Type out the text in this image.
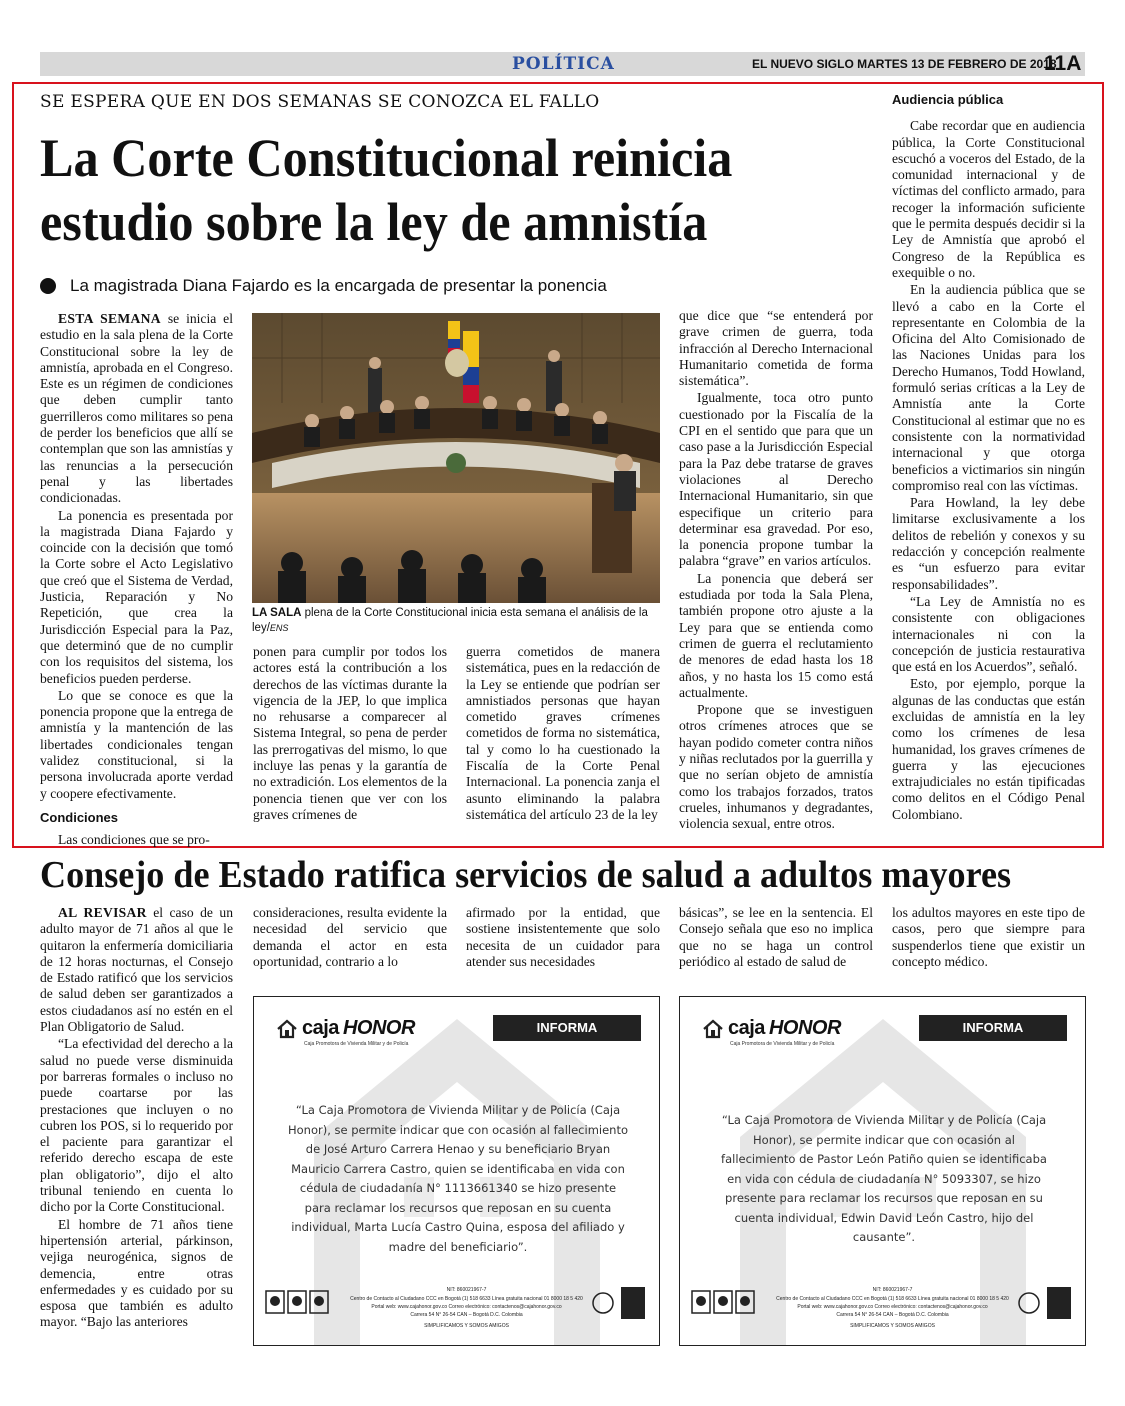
POLÍTICA	EL NUEVO SIGLO MARTES 13 DE FEBRERO DE 2018
11A
SE ESPERA QUE EN DOS SEMANAS SE CONOZCA EL FALLO
La Corte Constitucional reinicia
estudio sobre la ley de amnistía
La magistrada Diana Fajardo es la encargada de presentar la ponencia

ESTA SEMANA se inicia el estudio en la sala plena de la Corte Constitucional sobre la ley de amnistía, aprobada en el Congreso. Este es un régimen de condiciones que deben cumplir tanto guerrilleros como militares so pena de perder los beneficios que allí se contemplan que son las amnistías y las renuncias a la persecución penal y las libertades condicionadas.

La ponencia es presentada por la magistrada Diana Fajardo y coincide con la decisión que tomó la Corte sobre el Acto Legislativo que creó que el Sistema de Verdad, Justicia, Reparación y No Repetición, que crea la Jurisdicción Especial para la Paz, que determinó que de no cumplir con los requisitos del sistema, los beneficios pueden perderse.

Lo que se conoce es que la ponencia propone que la entrega de amnistía y la mantención de las libertades condicionales tengan validez constitucional, si la persona involucrada aporte verdad y coopere efectivamente.

Condiciones

Las condiciones que se pro-

LA SALA plena de la Corte Constitucional inicia esta semana el análisis de la ley/ENS

ponen para cumplir por todos los actores está la contribución a los derechos de las víctimas durante la vigencia de la JEP, lo que implica no rehusarse a comparecer al Sistema Integral, so pena de perder las prerrogativas del mismo, lo que incluye las penas y la garantía de no extradición. Los elementos de la ponencia tienen que ver con los graves crímenes de

guerra cometidos de manera sistemática, pues en la redacción de la Ley se entiende que podrían ser amnistiados personas que hayan cometido graves crímenes cometidos de forma no sistemática, tal y como lo ha cuestionado la Fiscalía de la Corte Penal Internacional. La ponencia zanja el asunto eliminando la palabra sistemática del artículo 23 de la ley

que dice que “se entenderá por grave crimen de guerra, toda infracción al Derecho Internacional Humanitario cometida de forma sistemática”.

Igualmente, toca otro punto cuestionado por la Fiscalía de la CPI en el sentido que para que un caso pase a la Jurisdicción Especial para la Paz debe tratarse de graves violaciones al Derecho Internacional Humanitario, sin que especifique un criterio para determinar esa gravedad. Por eso, la ponencia propone tumbar la palabra “grave” en varios artículos.

La ponencia que deberá ser estudiada por toda la Sala Plena, también propone otro ajuste a la Ley para que se entienda como crimen de guerra el reclutamiento de menores de edad hasta los 18 años, y no hasta los 15 como está actualmente.

Propone que se investiguen otros crímenes atroces que se hayan podido cometer contra niños y niñas reclutados por la guerrilla y que no serían objeto de amnistía como los trabajos forzados, tratos crueles, inhumanos y degradantes, violencia sexual, entre otros.

Audiencia pública

Cabe recordar que en audiencia pública, la Corte Constitucional escuchó a voceros del Estado, de la comunidad internacional y de víctimas del conflicto armado, para recoger la información suficiente que le permita después decidir si la Ley de Amnistía que aprobó el Congreso de la República es exequible o no.

En la audiencia pública que se llevó a cabo en la Corte el representante en Colombia de la Oficina del Alto Comisionado de las Naciones Unidas para los Derecho Humanos, Todd Howland, formuló serias críticas a la Ley de Amnistía ante la Corte Constitucional al estimar que no es consistente con la normatividad internacional y que otorga beneficios a victimarios sin ningún compromiso real con las víctimas.

Para Howland, la ley debe limitarse exclusivamente a los delitos de rebelión y conexos y su redacción y concepción realmente es “un esfuerzo para evitar responsabilidades”.

“La Ley de Amnistía no es consistente con obligaciones internacionales ni con la concepción de justicia restaurativa que está en los Acuerdos”, señaló.

Esto, por ejemplo, porque la algunas de las conductas que están excluidas de amnistía en la ley como los crímenes de lesa humanidad, los graves crímenes de guerra y las ejecuciones extrajudiciales no están tipificadas como delitos en el Código Penal Colombiano.

Consejo de Estado ratifica servicios de salud a adultos mayores

AL REVISAR el caso de un adulto mayor de 71 años al que le quitaron la enfermería domiciliaria de 12 horas nocturnas, el Consejo de Estado ratificó que los servicios de salud deben ser garantizados a estos ciudadanos así no estén en el Plan Obligatorio de Salud.

“La efectividad del derecho a la salud no puede verse disminuida por barreras formales o incluso no puede coartarse por las prestaciones que incluyen o no cubren los POS, si lo requerido por el paciente para garantizar el referido derecho escapa de este plan obligatorio”, dijo el alto tribunal teniendo en cuenta lo dicho por la Corte Constitucional.

El hombre de 71 años tiene hipertensión arterial, párkinson, vejiga neurogénica, signos de demencia, entre otras enfermedades y es cuidado por su esposa que también es adulto mayor. “Bajo las anteriores

consideraciones, resulta evidente la necesidad del servicio que demanda el actor en esta oportunidad, contrario a lo

afirmado por la entidad, que sostiene insistentemente que solo necesita de un cuidador para atender sus necesidades

básicas”, se lee en la sentencia. El Consejo señala que eso no implica que no se haga un control periódico al estado de salud de

los adultos mayores en este tipo de casos, pero que siempre para suspenderlos tiene que existir un concepto médico.

caja HONOR
Caja Promotora de Vivienda Militar y de Policía
INFORMA
“La Caja Promotora de Vivienda Militar y de Policía (Caja Honor), se permite indicar que con ocasión al fallecimiento de José Arturo Carrera Henao y su beneficiario Bryan Mauricio Carrera Castro, quien se identificaba en vida con cédula de ciudadanía N° 1113661340 se hizo presente para reclamar los recursos que reposan en su cuenta individual, Marta Lucía Castro Quina, esposa del afiliado y madre del beneficiario”.
NIT: 860021967-7
Centro de Contacto al Ciudadano CCC en Bogotá (1) 518 6633 Línea gratuita nacional 01 8000 18 5 420
Portal web: www.cajahonor.gov.co Correo electrónico: contactenos@cajahonor.gov.co
Carrera 54 N° 26-54 CAN – Bogotá D.C. Colombia
SIMPLIFICAMOS Y SOMOS AMIGOS
caja HONOR
Caja Promotora de Vivienda Militar y de Policía
INFORMA
“La Caja Promotora de Vivienda Militar y de Policía (Caja Honor), se permite indicar que con ocasión al fallecimiento de Pastor León Patiño quien se identificaba en vida con cédula de ciudadanía N° 5093307, se hizo presente para reclamar los recursos que reposan en su cuenta individual, Edwin David León Castro, hijo del causante”.
NIT: 860021967-7
Centro de Contacto al Ciudadano CCC en Bogotá (1) 518 6633 Línea gratuita nacional 01 8000 18 5 420
Portal web: www.cajahonor.gov.co Correo electrónico: contactenos@cajahonor.gov.co
Carrera 54 N° 26-54 CAN – Bogotá D.C. Colombia
SIMPLIFICAMOS Y SOMOS AMIGOS
